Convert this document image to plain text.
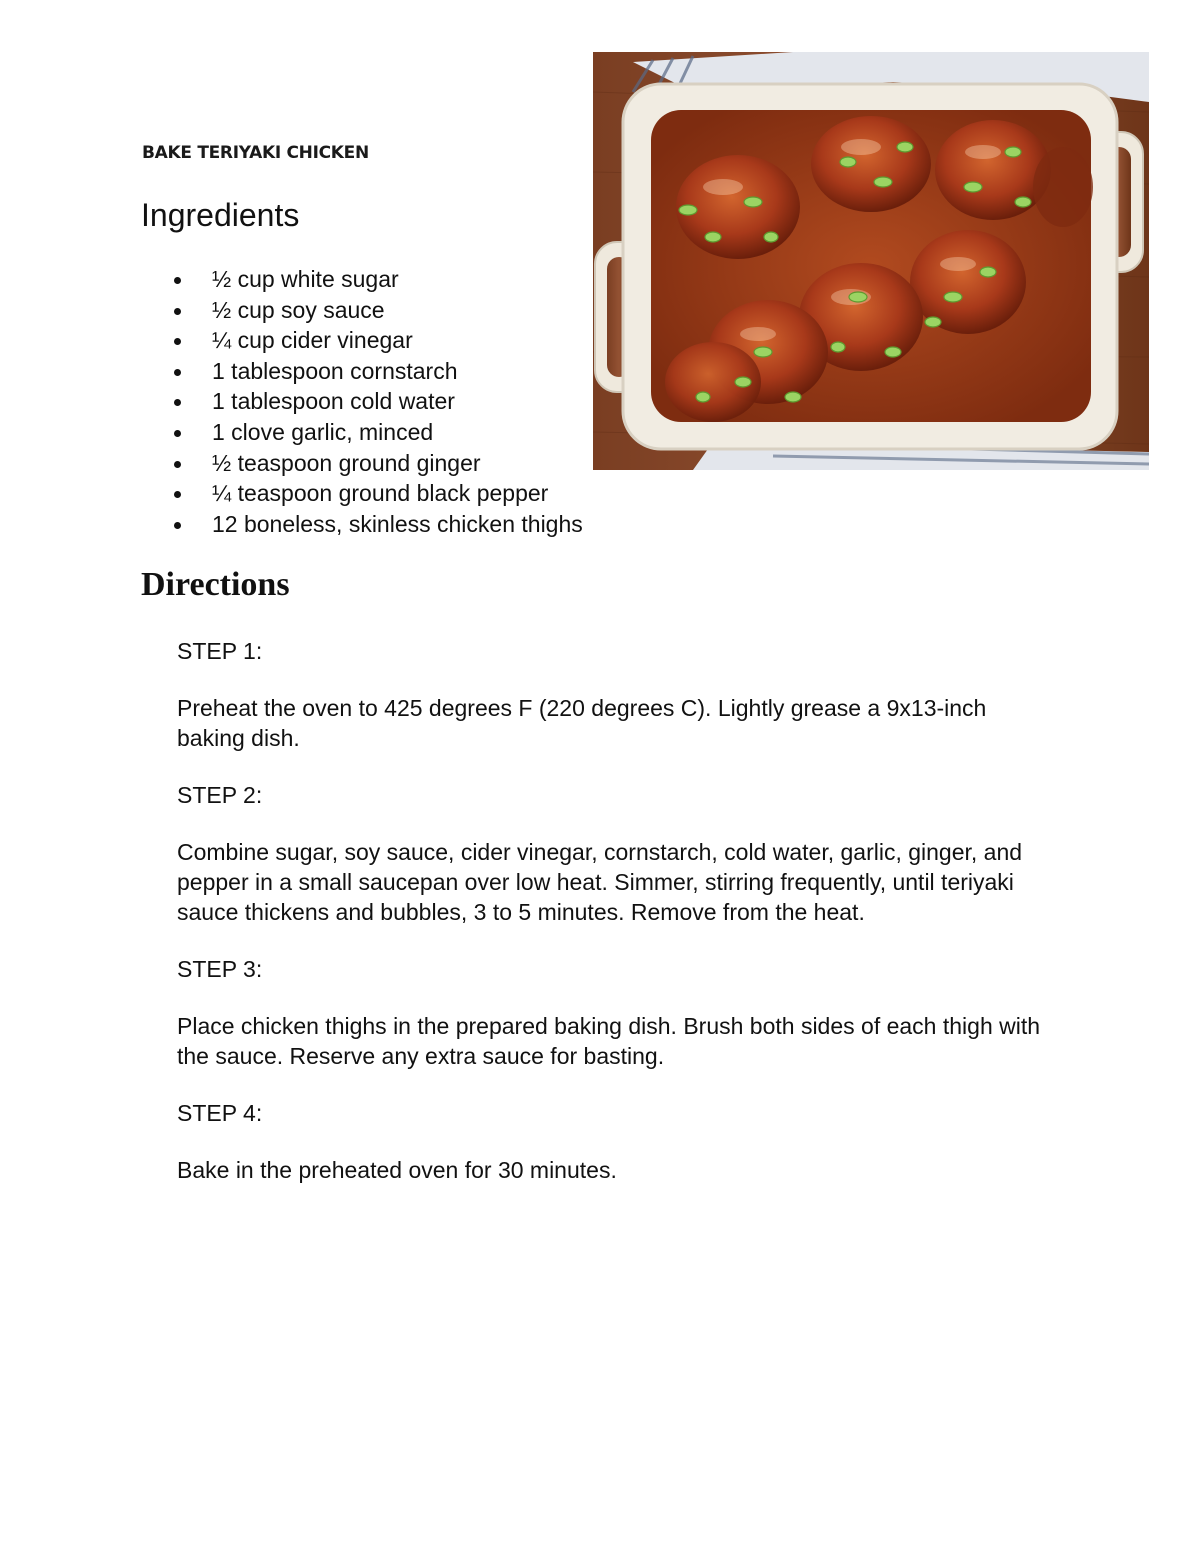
BAKE TERIYAKI CHICKEN
Ingredients
½ cup white sugar
½ cup soy sauce
¼ cup cider vinegar
1 tablespoon cornstarch
1 tablespoon cold water
1 clove garlic, minced
½ teaspoon ground ginger
¼ teaspoon ground black pepper
12 boneless, skinless chicken thighs
Directions

STEP 1:

Preheat the oven to 425 degrees F (220 degrees C). Lightly grease a 9x13-inch baking dish.

STEP 2:

Combine sugar, soy sauce, cider vinegar, cornstarch, cold water, garlic, ginger, and pepper in a small saucepan over low heat. Simmer, stirring frequently, until teriyaki sauce thickens and bubbles, 3 to 5 minutes. Remove from the heat.

STEP 3:

Place chicken thighs in the prepared baking dish. Brush both sides of each thigh with the sauce. Reserve any extra sauce for basting.

STEP 4:

Bake in the preheated oven for 30 minutes.
